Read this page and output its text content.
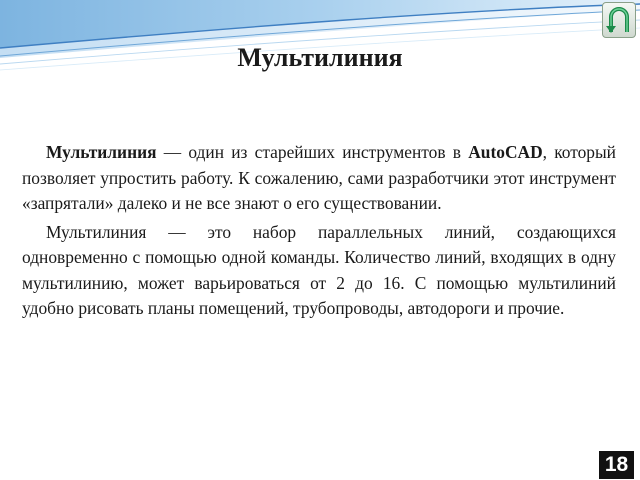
Мультилиния

Мультилиния — один из старейших инструментов в AutoCAD, который позволяет упростить работу. К сожалению, сами разработчики этот инструмент «запрятали» далеко и не все знают о его существовании.

Мультилиния — это набор параллельных линий, создающихся одновременно с помощью одной команды. Количество линий, входящих в одну мультилинию, может варьироваться от 2 до 16. С помощью мультилиний удобно рисовать планы помещений, трубопроводы, автодороги и прочие.

18
